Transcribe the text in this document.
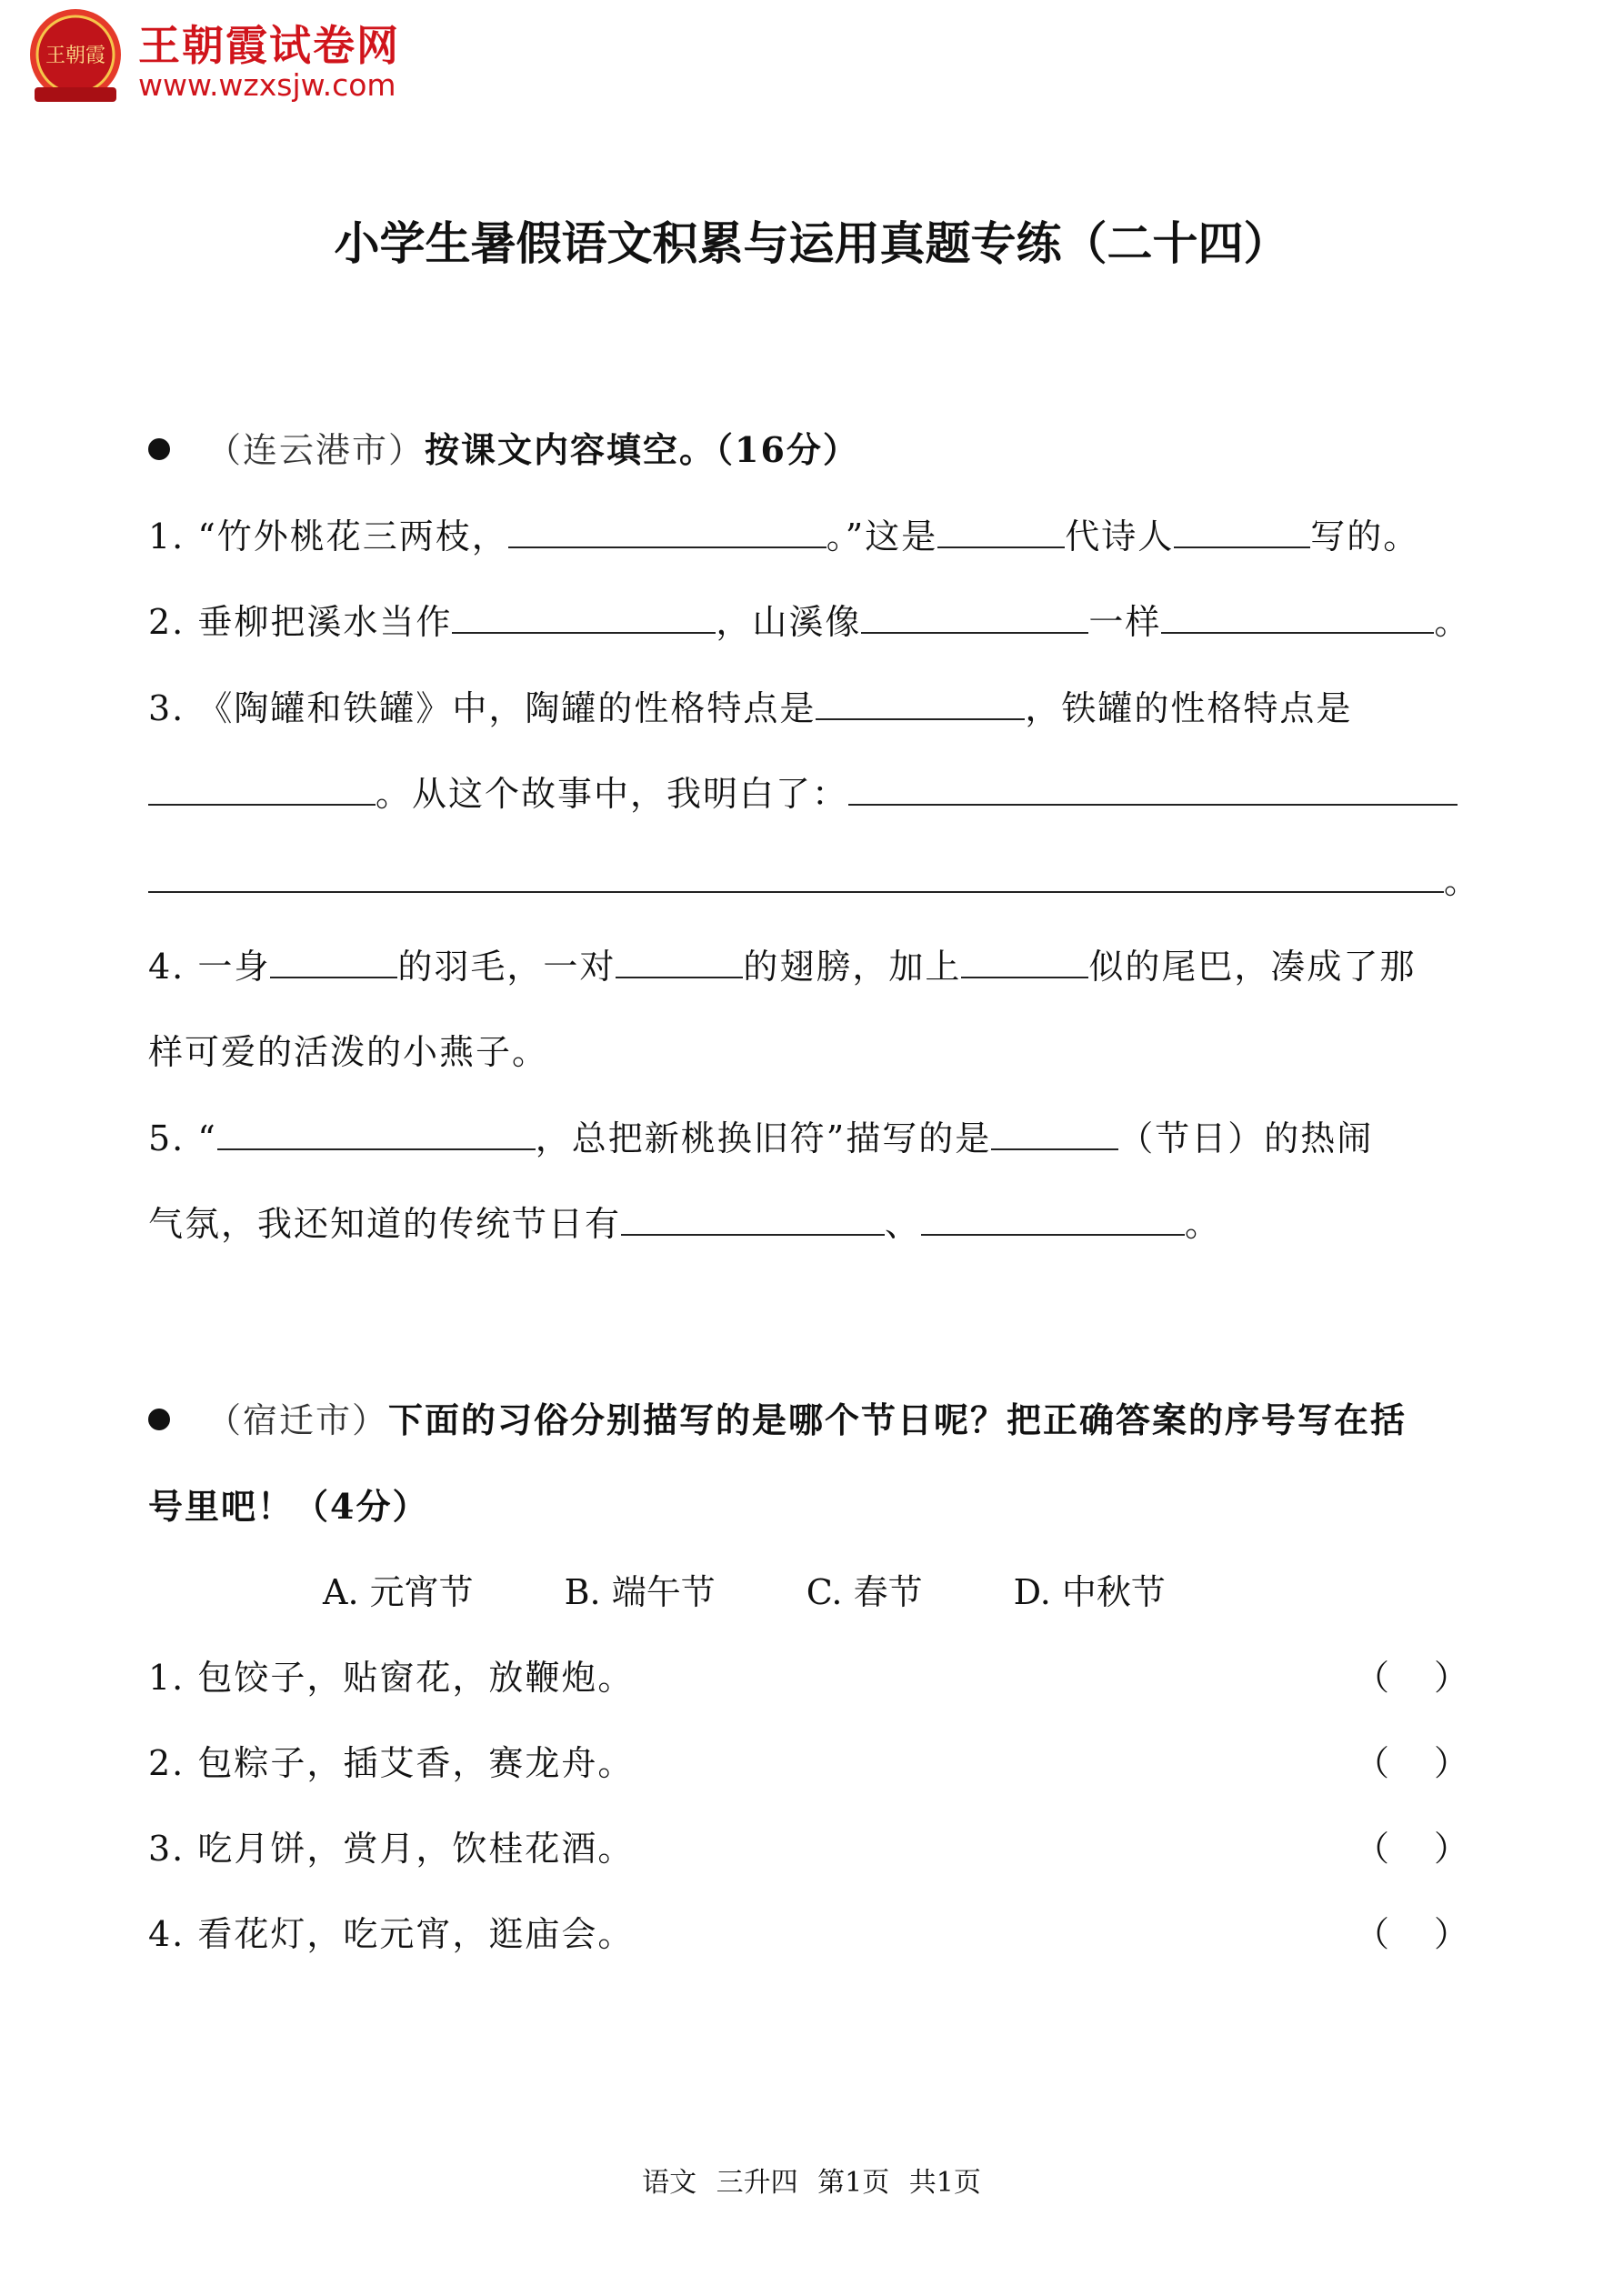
王朝霞 王朝霞试卷网
www.wzxsjw.com
小学生暑假语文积累与运用真题专练（二十四）
（连云港市）按课文内容填空。（16分）
1. “竹外桃花三两枝，	。”这是	代诗人	写的。
2. 垂柳把溪水当作	，山溪像	一样	。
3. 《陶罐和铁罐》中，陶罐的性格特点是	，铁罐的性格特点是
。从这个故事中，我明白了：
。
4. 一身	的羽毛，一对	的翅膀，加上	似的尾巴，凑成了那
样可爱的活泼的小燕子。
5. “	，总把新桃换旧符”描写的是	（节日）的热闹
气氛，我还知道的传统节日有	、	。
（宿迁市）下面的习俗分别描写的是哪个节日呢？把正确答案的序号写在括
号里吧！（4分）
A. 元宵节	B. 端午节	C. 春节	D. 中秋节
1. 包饺子，贴窗花，放鞭炮。	（ ）
2. 包粽子，插艾香，赛龙舟。	（ ）
3. 吃月饼，赏月，饮桂花酒。	（ ）
4. 看花灯，吃元宵，逛庙会。	（ ）
语文 三升四 第1页 共1页
